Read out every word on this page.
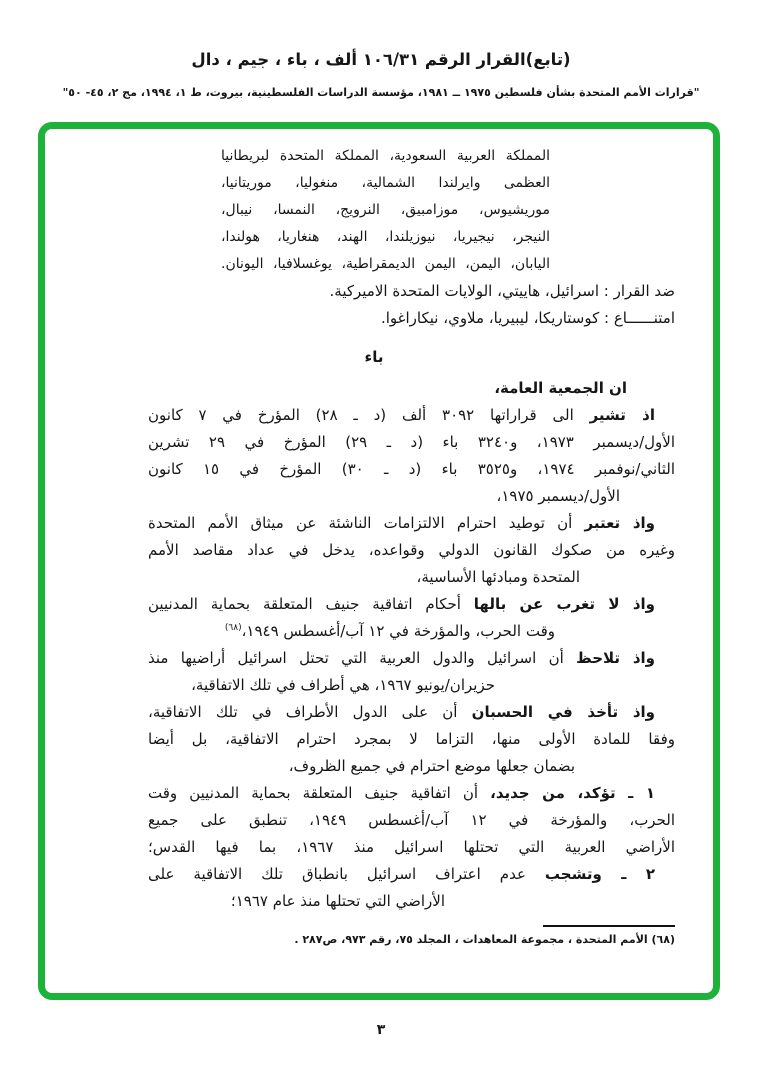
(تابع)القرار الرقم ١٠٦/٣١ ألف ، باء ، جيم ، دال
"قرارات الأمم المتحدة بشأن فلسطين ١٩٧٥ ــ ١٩٨١، مؤسسة الدراسات الفلسطينية، بيروت، ط ١، ١٩٩٤، مج ٢، ٤٥- ٥٠"
المملكة العربية السعودية، المملكة المتحدة لبريطانيا
العظمى وايرلندا الشمالية، منغوليا، موريتانيا،
موريشيوس، موزامبيق، النرويج، النمسا، نيبال،
النيجر، نيجيريا، نيوزيلندا، الهند، هنغاريا، هولندا،
اليابان، اليمن، اليمن الديمقراطية، يوغسلافيا، اليونان.
ضد القرار : اسرائيل، هاييتي، الولايات المتحدة الاميركية.
امتنــــــاع : كوستاريكا، ليبيريا، ملاوي، نيكاراغوا.
باء
ان الجمعية العامة،
اذ تشير الى قراراتها ٣٠٩٢ ألف (د ـ ٢٨) المؤرخ في ٧ كانون
الأول/ديسمبر ١٩٧٣، و٣٢٤٠ باء (د ـ ٢٩) المؤرخ في ٢٩ تشرين
الثاني/نوفمبر ١٩٧٤، و٣٥٢٥ باء (د ـ ٣٠) المؤرخ في ١٥ كانون
الأول/ديسمبر ١٩٧٥،
واذ تعتبر أن توطيد احترام الالتزامات الناشئة عن ميثاق الأمم المتحدة
وغيره من صكوك القانون الدولي وقواعده، يدخل في عداد مقاصد الأمم
المتحدة ومبادئها الأساسية،
واذ لا تغرب عن بالها أحكام اتفاقية جنيف المتعلقة بحماية المدنيين
وقت الحرب، والمؤرخة في ١٢ آب/أغسطس ١٩٤٩،$^{(٦٨)}$
واذ تلاحظ أن اسرائيل والدول العربية التي تحتل اسرائيل أراضيها منذ
حزيران/يونيو ١٩٦٧، هي أطراف في تلك الاتفاقية،
واذ تأخذ في الحسبان أن على الدول الأطراف في تلك الاتفاقية،
وفقا للمادة الأولى منها، التزاما لا بمجرد احترام الاتفاقية، بل أيضا
بضمان جعلها موضع احترام في جميع الظروف،
١ ـ تؤكد، من جديد، أن اتفاقية جنيف المتعلقة بحماية المدنيين وقت
الحرب، والمؤرخة في ١٢ آب/أغسطس ١٩٤٩، تنطبق على جميع
الأراضي العربية التي تحتلها اسرائيل منذ ١٩٦٧، بما فيها القدس؛
٢ ـ وتشجب عدم اعتراف اسرائيل بانطباق تلك الاتفاقية على
الأراضي التي تحتلها منذ عام ١٩٦٧؛
(٦٨) الأمم المتحدة ، مجموعة المعاهدات ، المجلد ٧٥، رقم ٩٧٣، ص٢٨٧ .
٣
